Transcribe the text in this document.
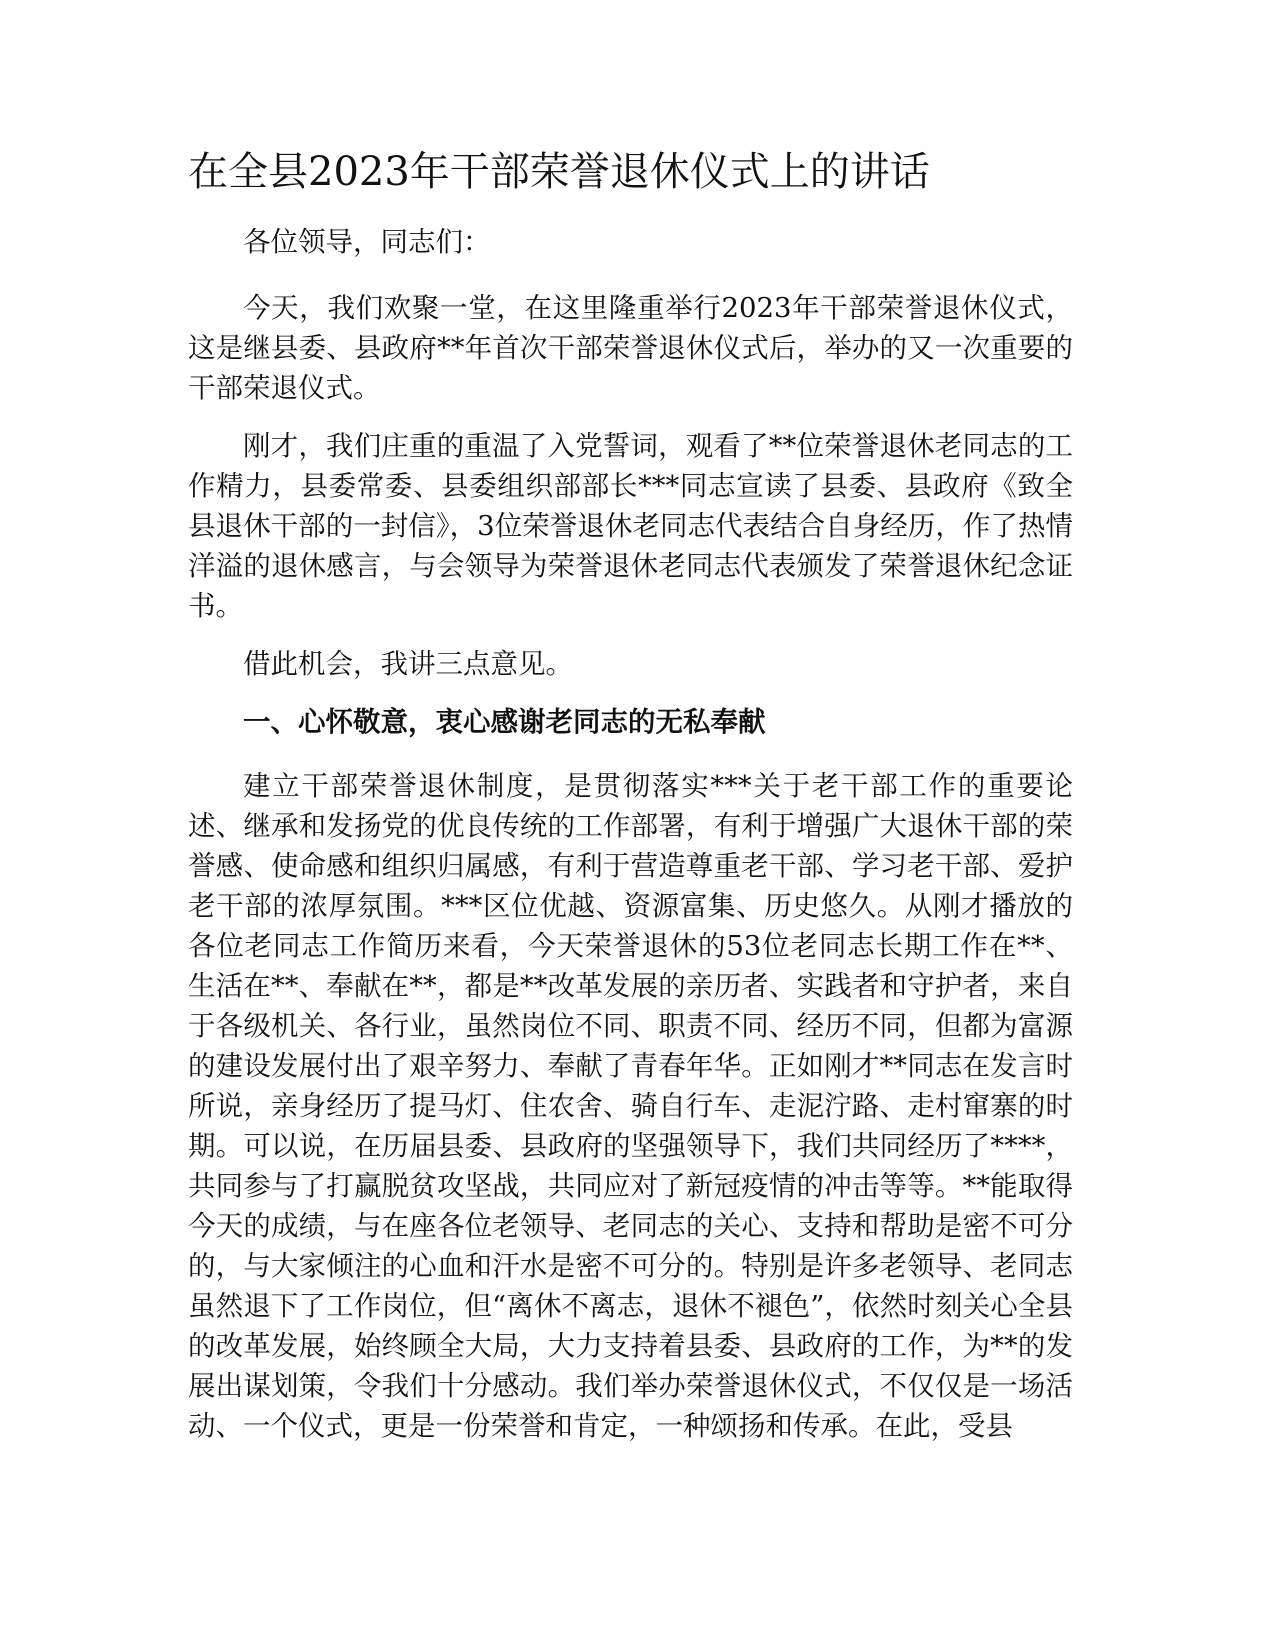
在全县2023年干部荣誉退休仪式上的讲话

各位领导，同志们：

今天，我们欢聚一堂，在这里隆重举行2023年干部荣誉退休仪式，这是继县委、县政府**年首次干部荣誉退休仪式后，举办的又一次重要的干部荣退仪式。

刚才，我们庄重的重温了入党誓词，观看了**位荣誉退休老同志的工作精力，县委常委、县委组织部部长***同志宣读了县委、县政府《致全县退休干部的一封信》，3位荣誉退休老同志代表结合自身经历，作了热情洋溢的退休感言，与会领导为荣誉退休老同志代表颁发了荣誉退休纪念证书。

借此机会，我讲三点意见。

一、心怀敬意，衷心感谢老同志的无私奉献

建立干部荣誉退休制度，是贯彻落实***关于老干部工作的重要论述、继承和发扬党的优良传统的工作部署，有利于增强广大退休干部的荣誉感、使命感和组织归属感，有利于营造尊重老干部、学习老干部、爱护老干部的浓厚氛围。***区位优越、资源富集、历史悠久。从刚才播放的各位老同志工作简历来看，今天荣誉退休的53位老同志长期工作在**、生活在**、奉献在**，都是**改革发展的亲历者、实践者和守护者，来自于各级机关、各行业，虽然岗位不同、职责不同、经历不同，但都为富源的建设发展付出了艰辛努力、奉献了青春年华。正如刚才**同志在发言时所说，亲身经历了提马灯、住农舍、骑自行车、走泥泞路、走村窜寨的时期。可以说，在历届县委、县政府的坚强领导下，我们共同经历了****，共同参与了打赢脱贫攻坚战，共同应对了新冠疫情的冲击等等。**能取得今天的成绩，与在座各位老领导、老同志的关心、支持和帮助是密不可分的，与大家倾注的心血和汗水是密不可分的。特别是许多老领导、老同志虽然退下了工作岗位，但“离休不离志，退休不褪色”，依然时刻关心全县的改革发展，始终顾全大局，大力支持着县委、县政府的工作，为**的发展出谋划策，令我们十分感动。我们举办荣誉退休仪式，不仅仅是一场活动、一个仪式，更是一份荣誉和肯定，一种颂扬和传承。在此，受县
